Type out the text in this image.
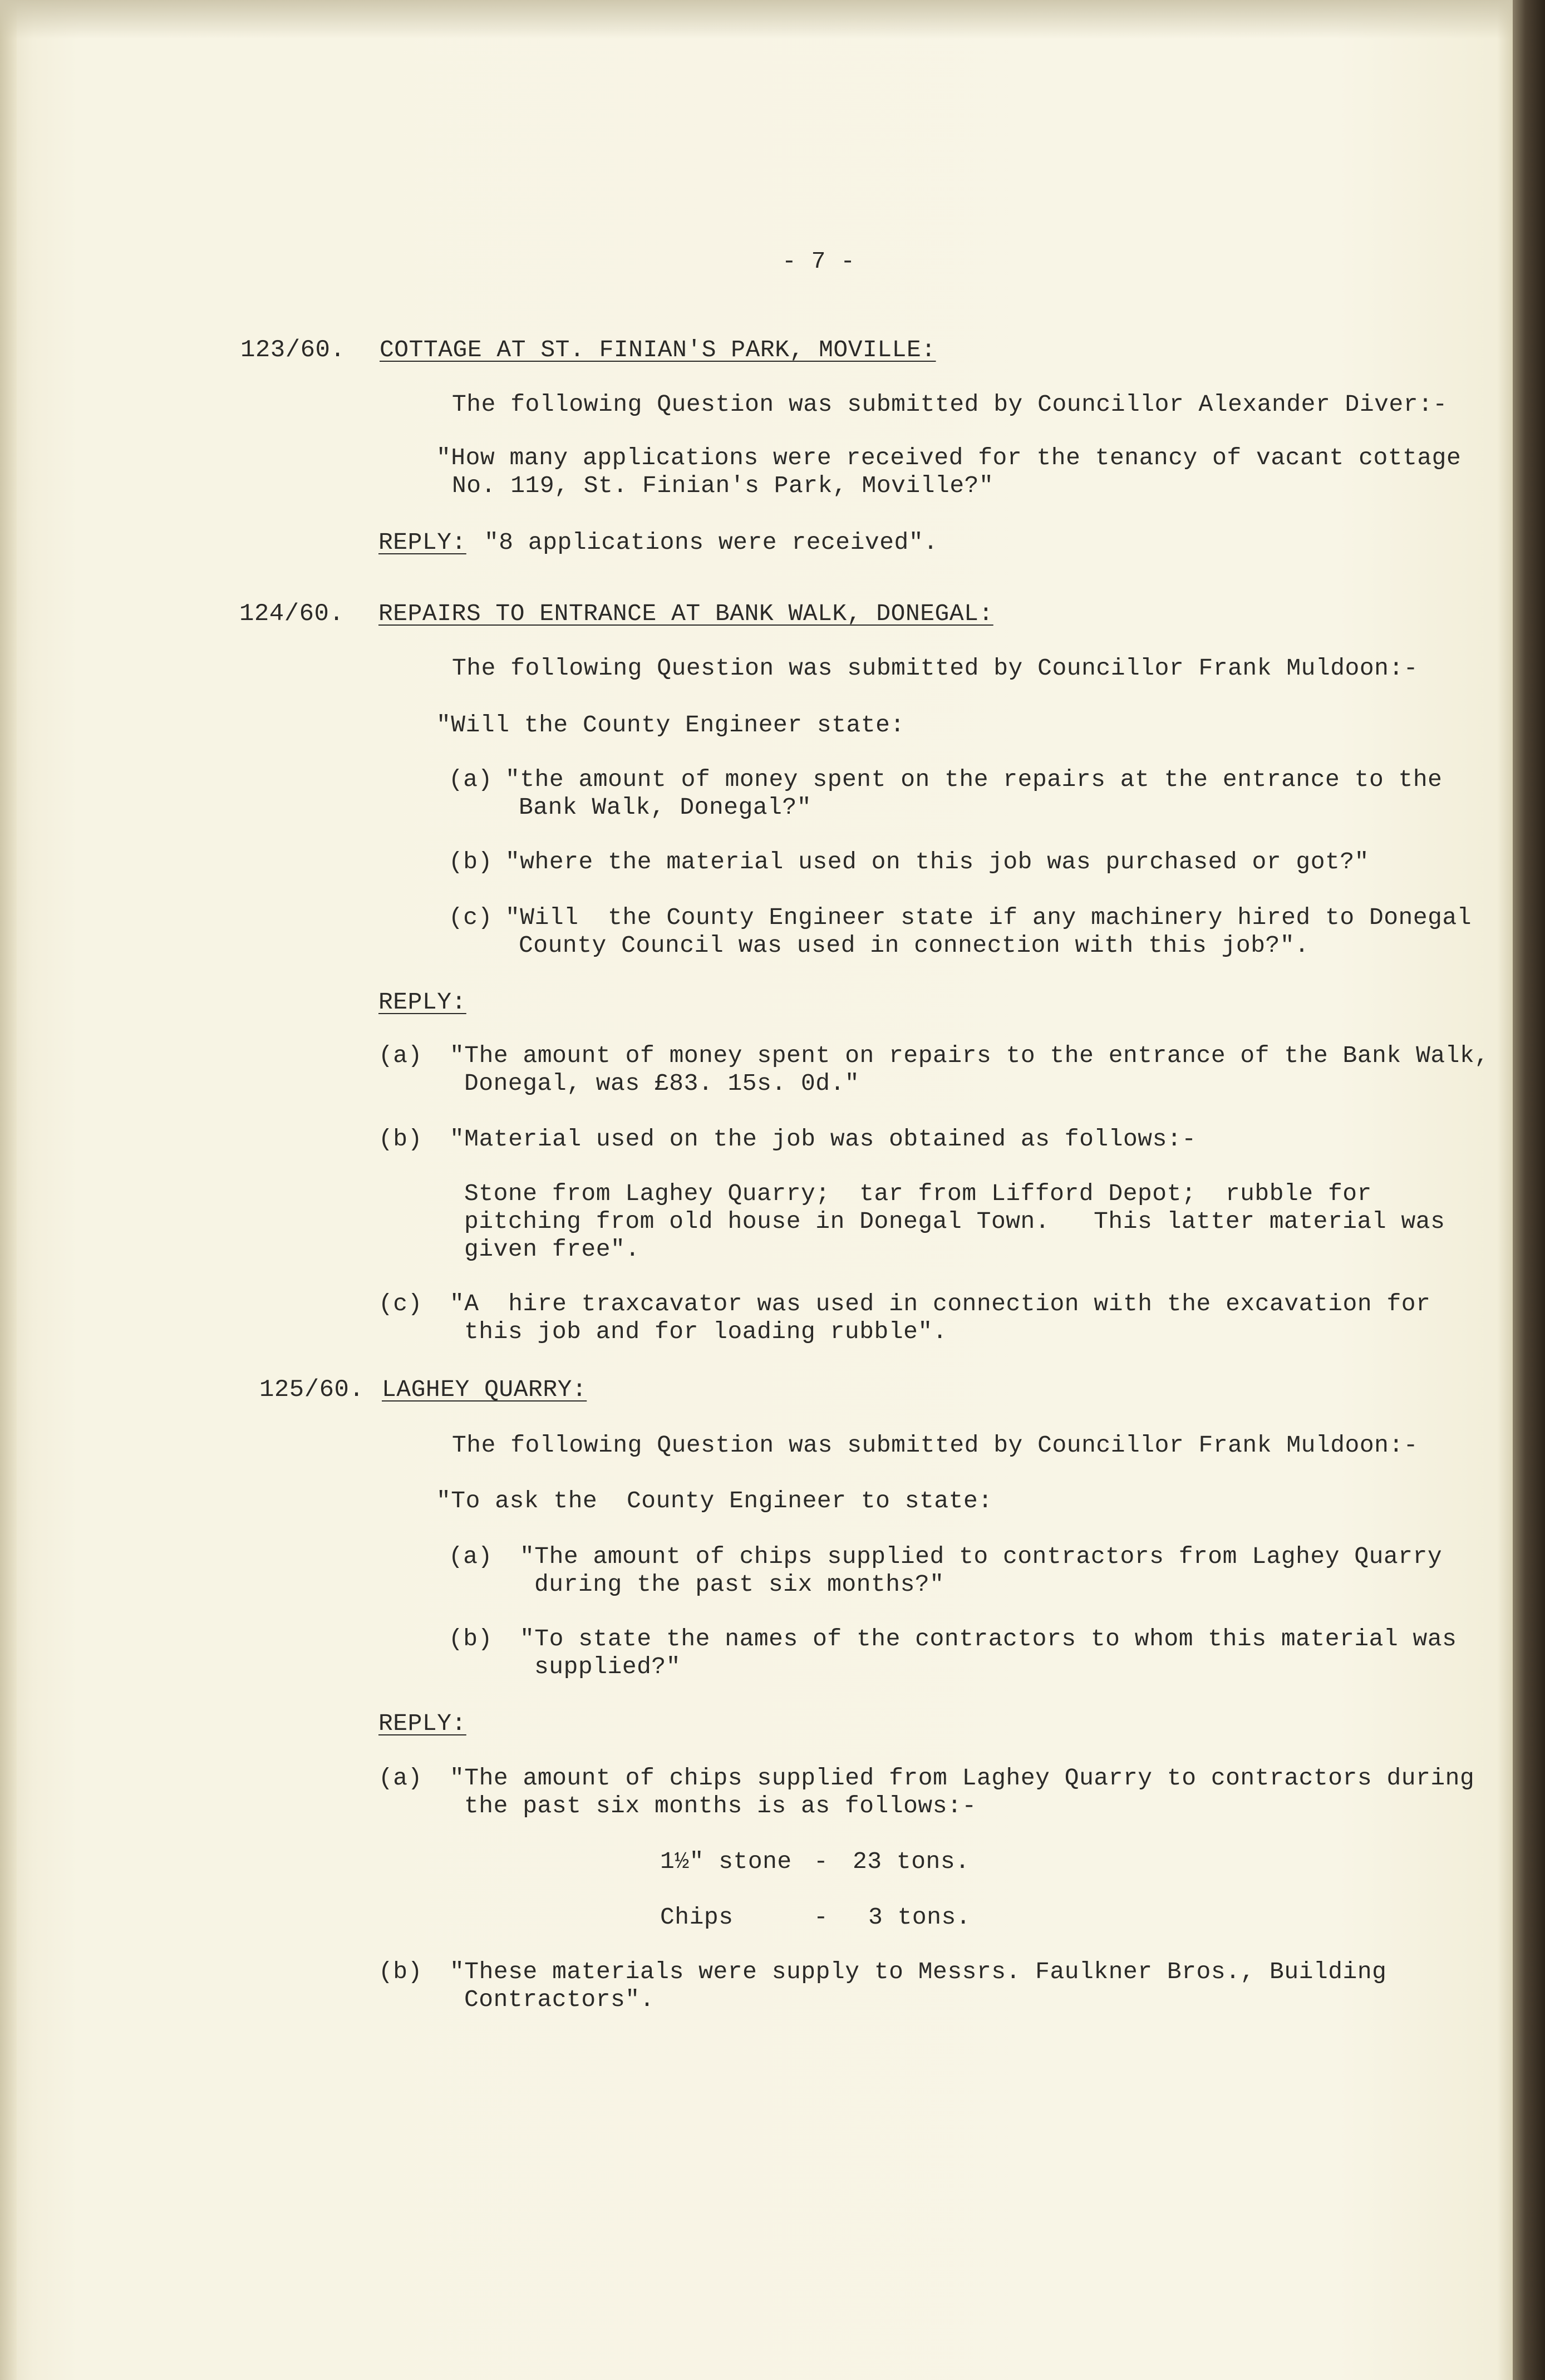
- 7 -
123/60. COTTAGE AT ST. FINIAN'S PARK, MOVILLE:
The following Question was submitted by Councillor Alexander Diver:-
"How many applications were received for the tenancy of vacant cottage
No. 119, St. Finian's Park, Moville?"
REPLY: "8 applications were received".
124/60. REPAIRS TO ENTRANCE AT BANK WALK, DONEGAL:
The following Question was submitted by Councillor Frank Muldoon:-
"Will the County Engineer state:
(a) "the amount of money spent on the repairs at the entrance to the
Bank Walk, Donegal?"
(b) "where the material used on this job was purchased or got?"
(c) "Will  the County Engineer state if any machinery hired to Donegal
County Council was used in connection with this job?".
REPLY:
(a) "The amount of money spent on repairs to the entrance of the Bank Walk,
Donegal, was £83. 15s. 0d."
(b) "Material used on the job was obtained as follows:-
Stone from Laghey Quarry;  tar from Lifford Depot;  rubble for
pitching from old house in Donegal Town.   This latter material was
given free".
(c) "A  hire traxcavator was used in connection with the excavation for
this job and for loading rubble".
125/60. LAGHEY QUARRY:
The following Question was submitted by Councillor Frank Muldoon:-
"To ask the  County Engineer to state:
(a) "The amount of chips supplied to contractors from Laghey Quarry
during the past six months?"
(b) "To state the names of the contractors to whom this material was
supplied?"
REPLY:
(a) "The amount of chips supplied from Laghey Quarry to contractors during
the past six months is as follows:-
1½" stone - 23 tons.
Chips	- 3 tons.
(b) "These materials were supply to Messrs. Faulkner Bros., Building
Contractors".
